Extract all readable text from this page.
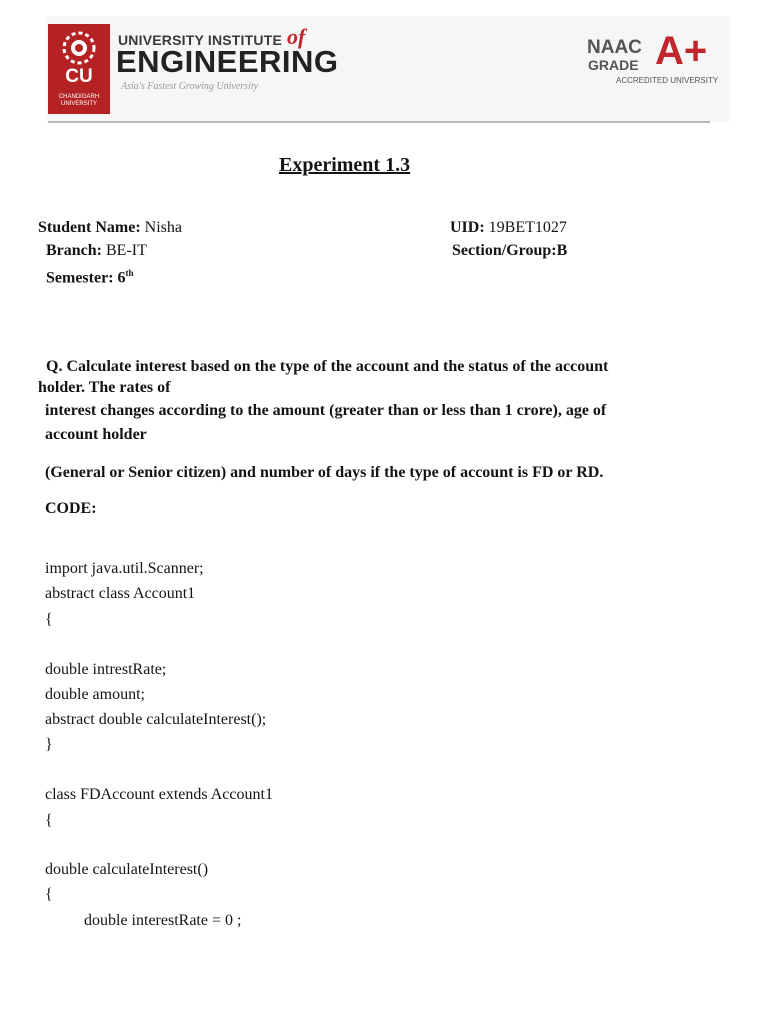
CU
CHANDIGARH UNIVERSITY
UNIVERSITY INSTITUTE of
ENGINEERING
Asia's Fastest Growing University
NAAC
GRADE A+
ACCREDITED UNIVERSITY
Experiment 1.3
Student Name: Nisha	UID: 19BET1027
Branch: BE-IT	Section/Group:B
Semester: 6th
Q. Calculate interest based on the type of the account and the status of the account
holder. The rates of
interest changes according to the amount (greater than or less than 1 crore), age of
account holder
(General or Senior citizen) and number of days if the type of account is FD or RD.
CODE:
import java.util.Scanner;
abstract class Account1
{
double intrestRate;
double amount;
abstract double calculateInterest();
}
class FDAccount extends Account1
{
double calculateInterest()
{
double interestRate = 0 ;
